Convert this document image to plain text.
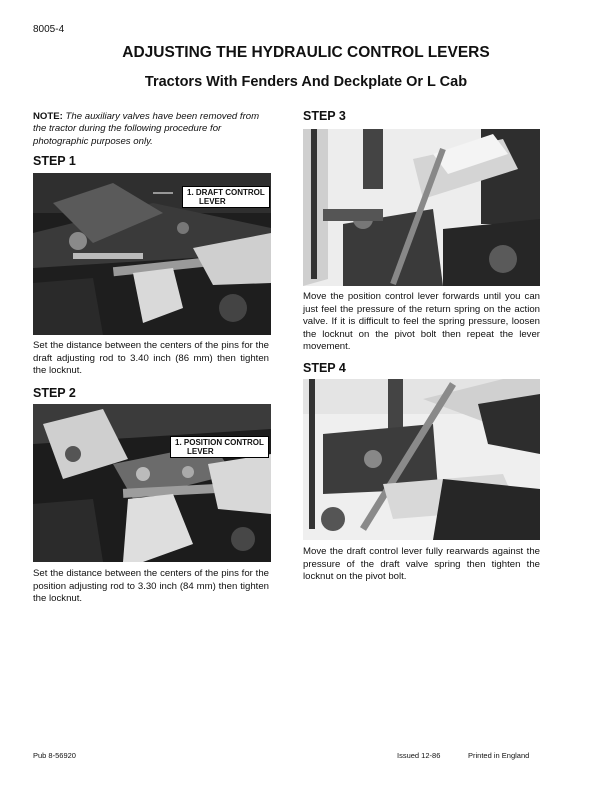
8005-4
ADJUSTING THE HYDRAULIC CONTROL LEVERS
Tractors With Fenders And Deckplate Or L Cab
NOTE: The auxiliary valves have been removed from the tractor during the following procedure for photographic purposes only.
STEP 1
1. DRAFT CONTROL
LEVER
Set the distance between the centers of the pins for the draft adjusting rod to 3.40 inch (86 mm) then tighten the locknut.
STEP 2
1. POSITION CONTROL
LEVER
Set the distance between the centers of the pins for the position adjusting rod to 3.30 inch (84 mm) then tighten the locknut.
STEP 3
Move the position control lever forwards until you can just feel the pressure of the return spring on the action valve. If it is difficult to feel the spring pressure, loosen the locknut on the pivot bolt then repeat the lever movement.
STEP 4
Move the draft control lever fully rearwards against the pressure of the draft valve spring then tighten the locknut on the pivot bolt.
Pub 8-56920	Issued 12-86	Printed in England
